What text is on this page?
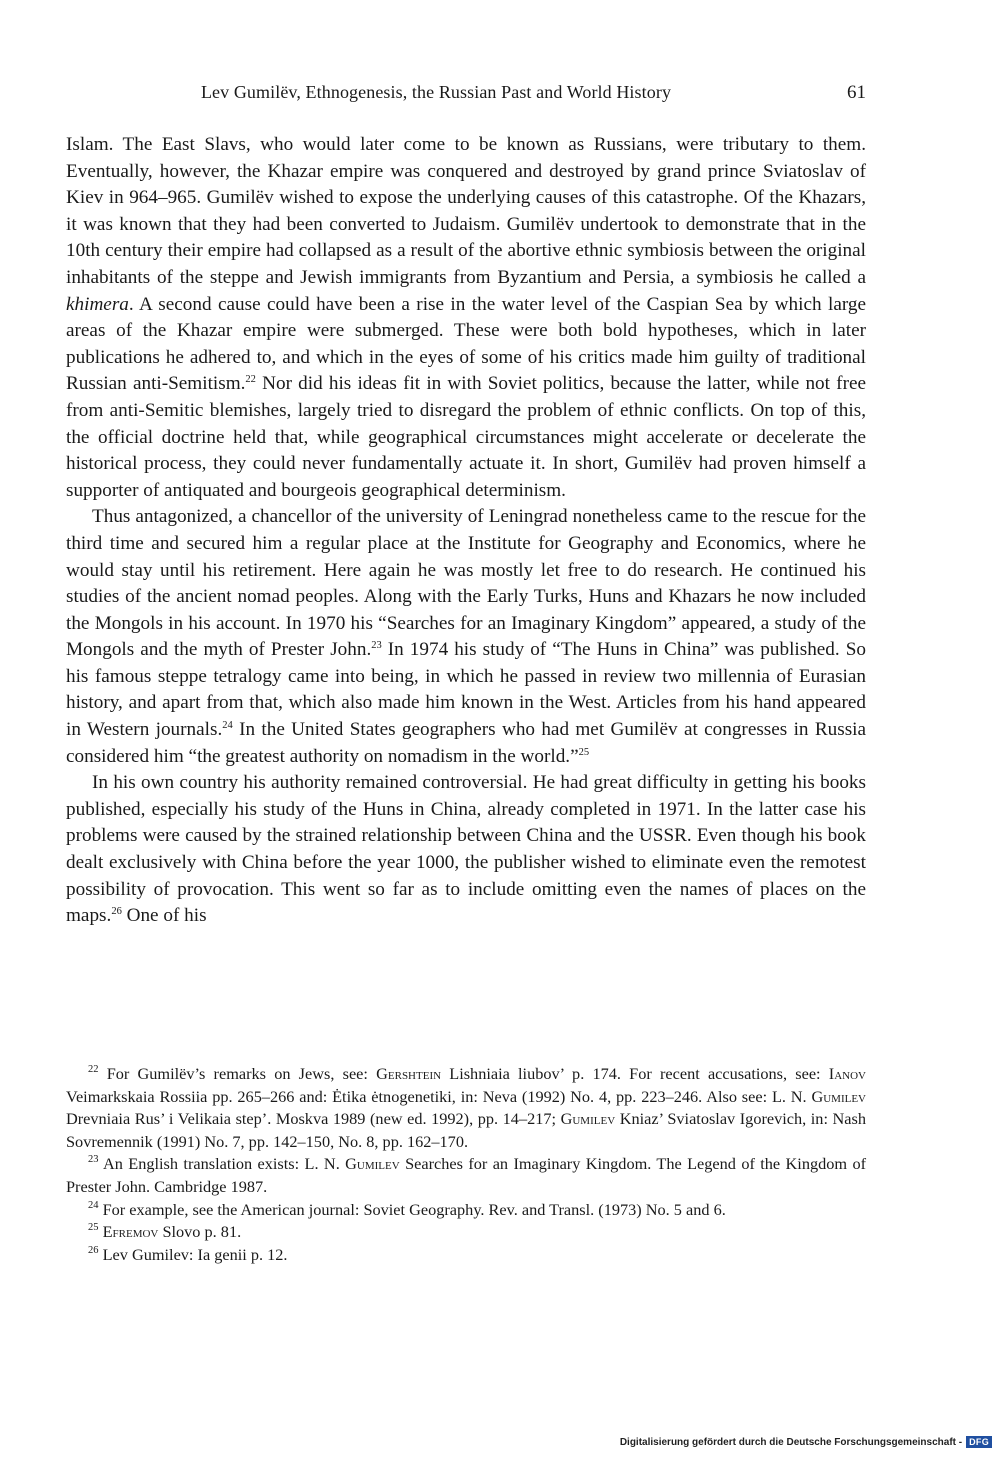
Lev Gumilëv, Ethnogenesis, the Russian Past and World History	61

Islam. The East Slavs, who would later come to be known as Russians, were tributary to them. Eventually, however, the Khazar empire was conquered and destroyed by grand prince Sviatoslav of Kiev in 964–965. Gumilëv wished to expose the underlying causes of this catastrophe. Of the Khazars, it was known that they had been converted to Judaism. Gumilëv undertook to demonstrate that in the 10th century their empire had collapsed as a result of the abortive ethnic symbiosis between the original inhabitants of the steppe and Jewish immigrants from Byzantium and Persia, a symbiosis he called a khimera. A second cause could have been a rise in the water level of the Caspian Sea by which large areas of the Khazar empire were submerged. These were both bold hypotheses, which in later publications he adhered to, and which in the eyes of some of his critics made him guilty of traditional Russian anti-Semitism.$^{22}$ Nor did his ideas fit in with Soviet politics, because the latter, while not free from anti-Semitic blemishes, largely tried to disregard the problem of ethnic conflicts. On top of this, the official doctrine held that, while geographical circumstances might accelerate or decelerate the historical process, they could never fundamentally actuate it. In short, Gumilëv had proven himself a supporter of antiquated and bourgeois geographical determinism.

Thus antagonized, a chancellor of the university of Leningrad nonetheless came to the rescue for the third time and secured him a regular place at the Institute for Geography and Economics, where he would stay until his retirement. Here again he was mostly let free to do research. He continued his studies of the ancient nomad peoples. Along with the Early Turks, Huns and Khazars he now included the Mongols in his account. In 1970 his “Searches for an Imaginary Kingdom” appeared, a study of the Mongols and the myth of Prester John.$^{23}$ In 1974 his study of “The Huns in China” was published. So his famous steppe tetralogy came into being, in which he passed in review two millennia of Eurasian history, and apart from that, which also made him known in the West. Articles from his hand appeared in Western journals.$^{24}$ In the United States geographers who had met Gumilëv at congresses in Russia considered him “the greatest authority on nomadism in the world.”$^{25}$

In his own country his authority remained controversial. He had great difficulty in getting his books published, especially his study of the Huns in China, already completed in 1971. In the latter case his problems were caused by the strained relationship between China and the USSR. Even though his book dealt exclusively with China before the year 1000, the publisher wished to eliminate even the remotest possibility of provocation. This went so far as to include omitting even the names of places on the maps.$^{26}$ One of his

$^{22}$ For Gumilëv’s remarks on Jews, see: Gershtein Lishniaia liubov’ p. 174. For recent accusations, see: Ianov Veimarkskaia Rossiia pp. 265–266 and: Ėtika ėtnogenetiki, in: Neva (1992) No. 4, pp. 223–246. Also see: L. N. Gumilev Drevniaia Rus’ i Velikaia step’. Moskva 1989 (new ed. 1992), pp. 14–217; Gumilev Kniaz’ Sviatoslav Igorevich, in: Nash Sovremennik (1991) No. 7, pp. 142–150, No. 8, pp. 162–170.

$^{23}$ An English translation exists: L. N. Gumilev Searches for an Imaginary Kingdom. The Legend of the Kingdom of Prester John. Cambridge 1987.

$^{24}$ For example, see the American journal: Soviet Geography. Rev. and Transl. (1973) No. 5 and 6.

$^{25}$ Efremov Slovo p. 81.

$^{26}$ Lev Gumilev: Ia genii p. 12.

Digitalisierung gefördert durch die Deutsche Forschungsgemeinschaft - DFG
